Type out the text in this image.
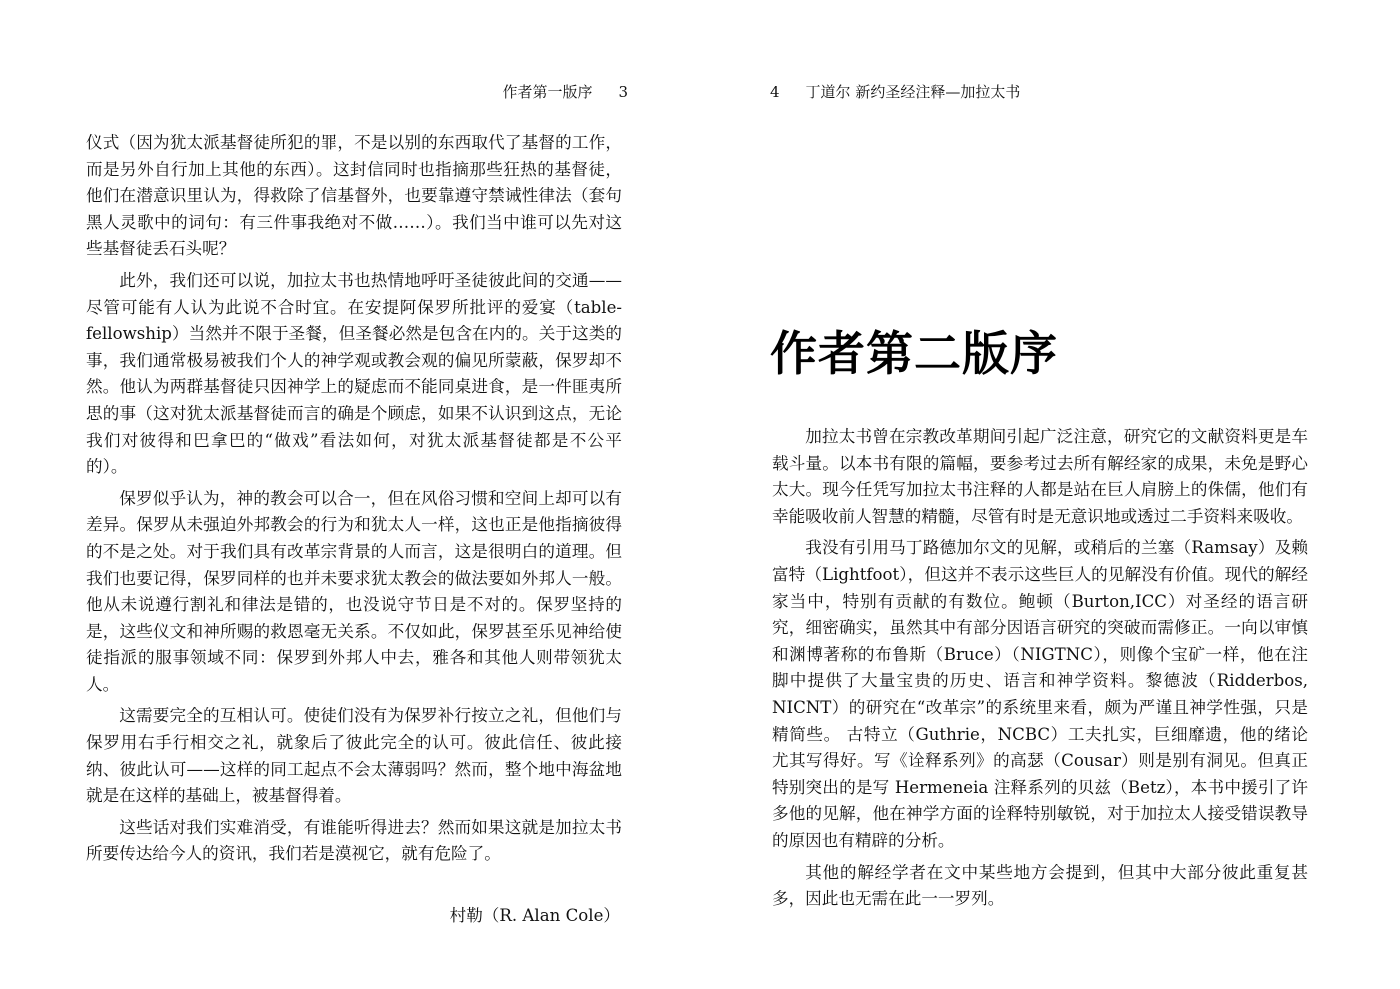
作者第一版序 3

仪式（因为犹太派基督徒所犯的罪，不是以别的东西取代了基督的工作，而是另外自行加上其他的东西）。这封信同时也指摘那些狂热的基督徒，他们在潜意识里认为，得救除了信基督外，也要靠遵守禁诫性律法（套句黑人灵歌中的词句：有三件事我绝对不做……）。我们当中谁可以先对这些基督徒丢石头呢？

此外，我们还可以说，加拉太书也热情地呼吁圣徒彼此间的交通——尽管可能有人认为此说不合时宜。在安提阿保罗所批评的爱宴（table-fellowship）当然并不限于圣餐，但圣餐必然是包含在内的。关于这类的事，我们通常极易被我们个人的神学观或教会观的偏见所蒙蔽，保罗却不然。他认为两群基督徒只因神学上的疑虑而不能同桌进食，是一件匪夷所思的事（这对犹太派基督徒而言的确是个顾虑，如果不认识到这点，无论我们对彼得和巴拿巴的“做戏”看法如何，对犹太派基督徒都是不公平的）。

保罗似乎认为，神的教会可以合一，但在风俗习惯和空间上却可以有差异。保罗从未强迫外邦教会的行为和犹太人一样，这也正是他指摘彼得的不是之处。对于我们具有改革宗背景的人而言，这是很明白的道理。但我们也要记得，保罗同样的也并未要求犹太教会的做法要如外邦人一般。他从未说遵行割礼和律法是错的，也没说守节日是不对的。保罗坚持的是，这些仪文和神所赐的救恩毫无关系。不仅如此，保罗甚至乐见神给使徒指派的服事领域不同：保罗到外邦人中去，雅各和其他人则带领犹太人。

这需要完全的互相认可。使徒们没有为保罗补行按立之礼，但他们与保罗用右手行相交之礼，就象后了彼此完全的认可。彼此信任、彼此接纳、彼此认可——这样的同工起点不会太薄弱吗？然而，整个地中海盆地就是在这样的基础上，被基督得着。

这些话对我们实难消受，有谁能听得进去？然而如果这就是加拉太书所要传达给今人的资讯，我们若是漠视它，就有危险了。

村勒（R. Alan Cole）
4 丁道尔 新约圣经注释—加拉太书
作者第二版序

加拉太书曾在宗教改革期间引起广泛注意，研究它的文献资料更是车载斗量。以本书有限的篇幅，要参考过去所有解经家的成果，未免是野心太大。现今任凭写加拉太书注释的人都是站在巨人肩膀上的侏儒，他们有幸能吸收前人智慧的精髓，尽管有时是无意识地或透过二手资料来吸收。

我没有引用马丁路德加尔文的见解，或稍后的兰塞（Ramsay）及赖富特（Lightfoot），但这并不表示这些巨人的见解没有价值。现代的解经家当中，特别有贡献的有数位。鲍顿（Burton,ICC）对圣经的语言研究，细密确实，虽然其中有部分因语言研究的突破而需修正。一向以审慎和渊博著称的布鲁斯（Bruce）（NIGTNC），则像个宝矿一样，他在注脚中提供了大量宝贵的历史、语言和神学资料。黎德波（Ridderbos, NICNT）的研究在“改革宗”的系统里来看，颇为严谨且神学性强，只是精简些。 古特立（Guthrie，NCBC）工夫扎实，巨细靡遗，他的绪论尤其写得好。写《诠释系列》的高瑟（Cousar）则是别有洞见。但真正特别突出的是写 Hermeneia 注释系列的贝兹（Betz），本书中援引了许多他的见解，他在神学方面的诠释特别敏锐，对于加拉太人接受错误教导的原因也有精辟的分析。

其他的解经学者在文中某些地方会提到，但其中大部分彼此重复甚多，因此也无需在此一一罗列。
